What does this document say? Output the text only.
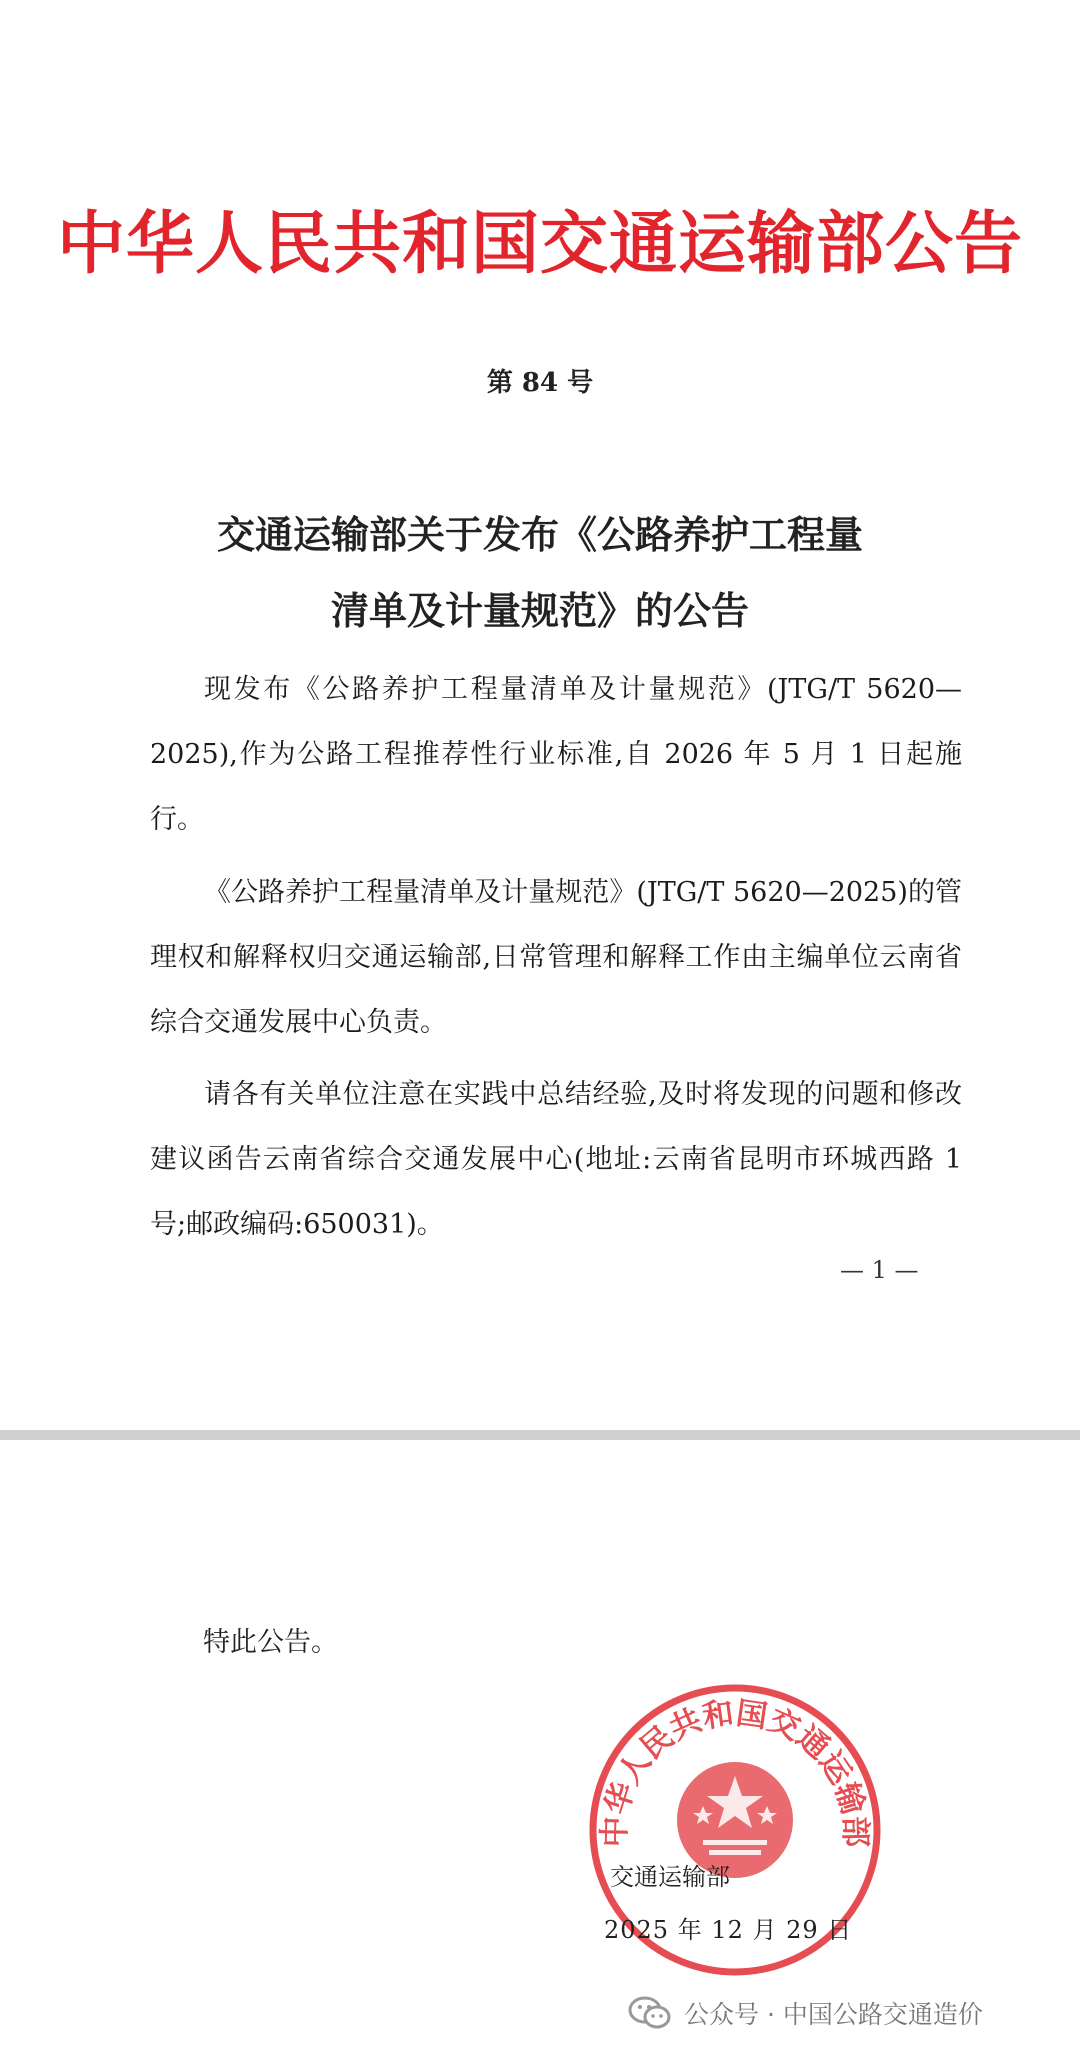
中华人民共和国交通运输部公告
第 84 号
交通运输部关于发布《公路养护工程量
清单及计量规范》的公告
现发布《公路养护工程量清单及计量规范》(JTG/T 5620—2025),作为公路工程推荐性行业标准,自 2026 年 5 月 1 日起施行。
《公路养护工程量清单及计量规范》(JTG/T 5620—2025)的管理权和解释权归交通运输部,日常管理和解释工作由主编单位云南省综合交通发展中心负责。
请各有关单位注意在实践中总结经验,及时将发现的问题和修改建议函告云南省综合交通发展中心(地址:云南省昆明市环城西路 1 号;邮政编码:650031)。
— 1 —
特此公告。
中华人民共和国交通运输部
交通运输部
2025 年 12 月 29 日
公众号 · 中国公路交通造价
